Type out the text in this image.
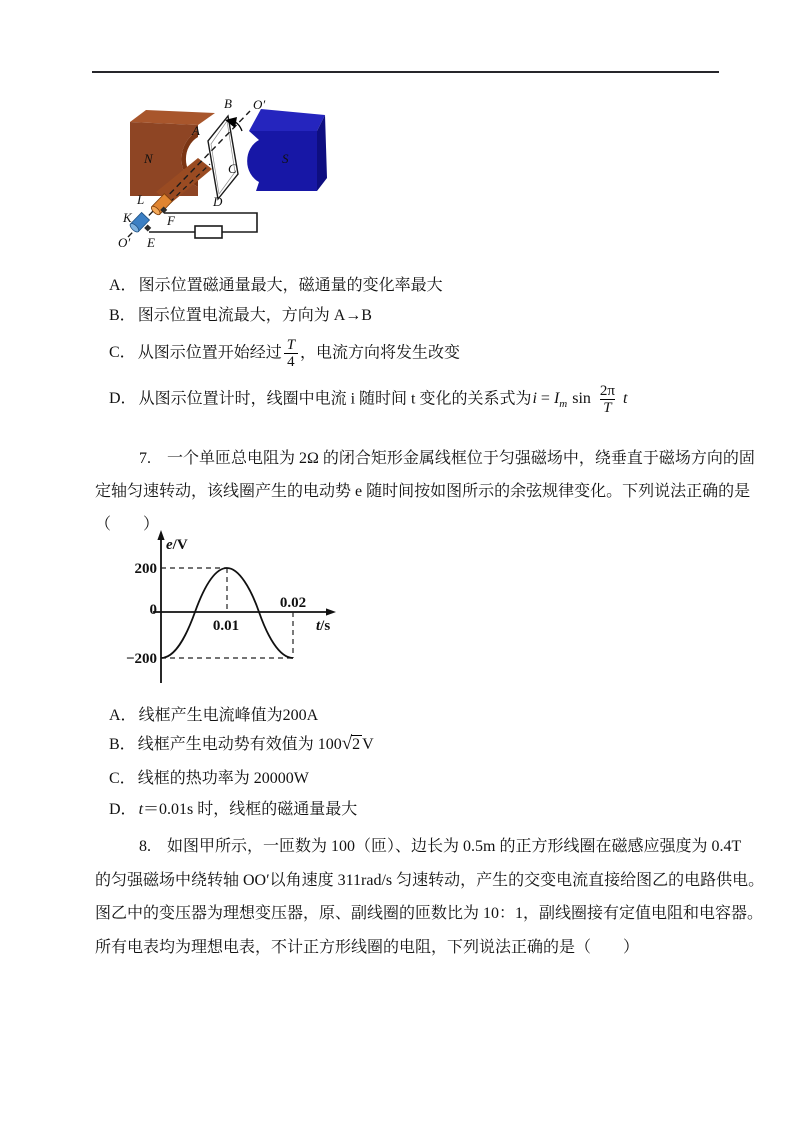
B O′
A
N	S
C
D
L
K	F
E
O′
A． 图示位置磁通量最大，磁通量的变化率最大
B． 图示位置电流最大，方向为 A→B
C． 从图示位置开始经过 $\frac{T}{4}$ ，电流方向将发生改变
D． 从图示位置计时，线圈中电流 i 随时间 t 变化的关系式为$i = I_m$ $\sin \frac{2\pi}{T}$ t
7.　一个单匝总电阻为 2Ω 的闭合矩形金属线框位于匀强磁场中，绕垂直于磁场方向的固
定轴匀速转动，该线圈产生的电动势 e 随时间按如图所示的余弦规律变化。下列说法正确的是
（　　）
e/V
200
0
−200
0.01
0.02
t/s
A． 线框产生电流峰值为200A
B． 线框产生电动势有效值为 100√2 V
C． 线框的热功率为 20000W
D． t＝0.01s 时，线框的磁通量最大
8.　如图甲所示，一匝数为 100（匝）、边长为 0.5m 的正方形线圈在磁感应强度为 0.4T
的匀强磁场中绕转轴 OO′以角速度 311rad/s 匀速转动，产生的交变电流直接给图乙的电路供电。
图乙中的变压器为理想变压器，原、副线圈的匝数比为 10：1，副线圈接有定值电阻和电容器。
所有电表均为理想电表，不计正方形线圈的电阻，下列说法正确的是（　　）
